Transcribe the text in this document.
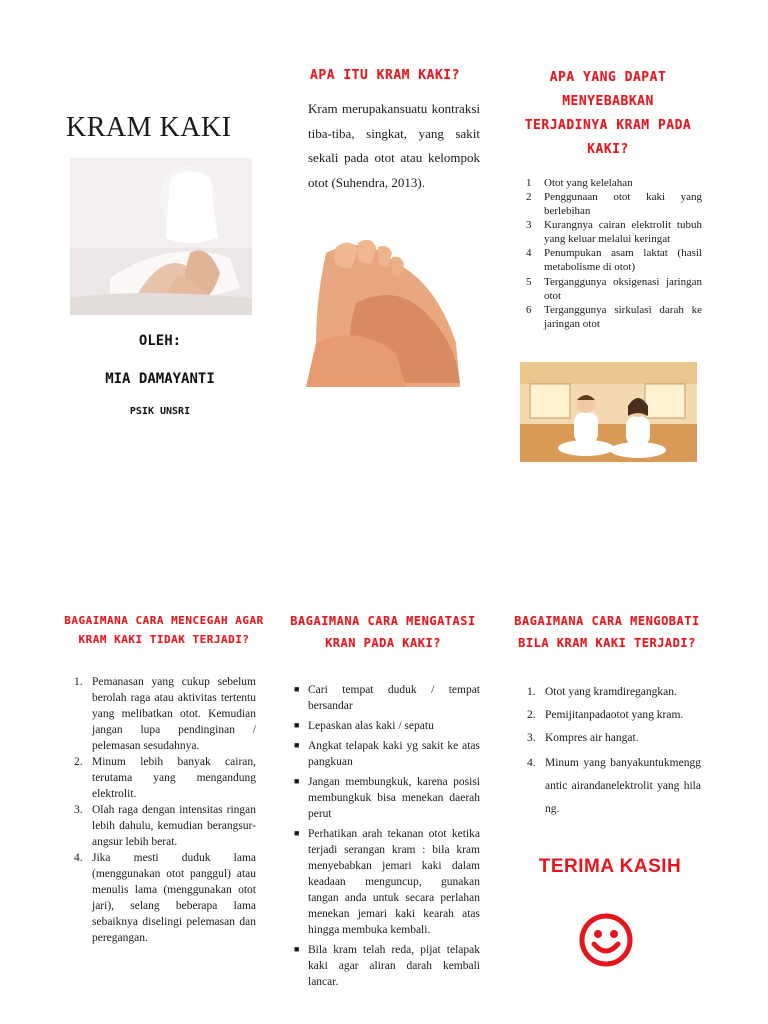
KRAM KAKI
OLEH:
MIA DAMAYANTI
PSIK UNSRI
APA ITU KRAM KAKI?
Kram merupakansuatu kontraksi tiba-tiba, singkat, yang sakit sekali pada otot atau kelompok otot (Suhendra, 2013).
APA YANG DAPAT MENYEBABKAN TERJADINYA KRAM PADA KAKI?
1 Otot yang kelelahan
2 Penggunaan otot kaki yang berlebihan
3 Kurangnya cairan elektrolit tubuh yang keluar melalui keringat
4 Penumpukan asam laktat (hasil metabolisme di otot)
5 Terganggunya oksigenasi jaringan otot
6 Terganggunya sirkulasi darah ke jaringan otot
BAGAIMANA CARA MENCEGAH AGAR KRAM KAKI TIDAK TERJADI?
1. Pemanasan yang cukup sebelum berolah raga atau aktivitas tertentu yang melibatkan otot. Kemudian jangan lupa pendinginan / pelemasan sesudahnya.
2. Minum lebih banyak cairan, terutama yang mengandung elektrolit.
3. Olah raga dengan intensitas ringan lebih dahulu, kemudian berangsur-angsur lebih berat.
4. Jika mesti duduk lama (menggunakan otot panggul) atau menulis lama (menggunakan otot jari), selang beberapa lama sebaiknya diselingi pelemasan dan peregangan.
BAGAIMANA CARA MENGATASI KRAN PADA KAKI?
■ Cari tempat duduk / tempat bersandar
■ Lepaskan alas kaki / sepatu
■ Angkat telapak kaki yg sakit ke atas pangkuan
■ Jangan membungkuk, karena posisi membungkuk bisa menekan daerah perut
■ Perhatikan arah tekanan otot ketika terjadi serangan kram : bila kram menyebabkan jemari kaki dalam keadaan menguncup, gunakan tangan anda untuk secara perlahan menekan jemari kaki kearah atas hingga membuka kembali.
■ Bila kram telah reda, pijat telapak kaki agar aliran darah kembali lancar.
BAGAIMANA CARA MENGOBATI BILA KRAM KAKI TERJADI?
1. Otot yang kramdiregangkan.
2. Pemijitanpadaotot yang kram.
3. Kompres air hangat.
4. Minum yang banyakuntukmenggantic airandanelektrolit yang hilang.
TERIMA KASIH
